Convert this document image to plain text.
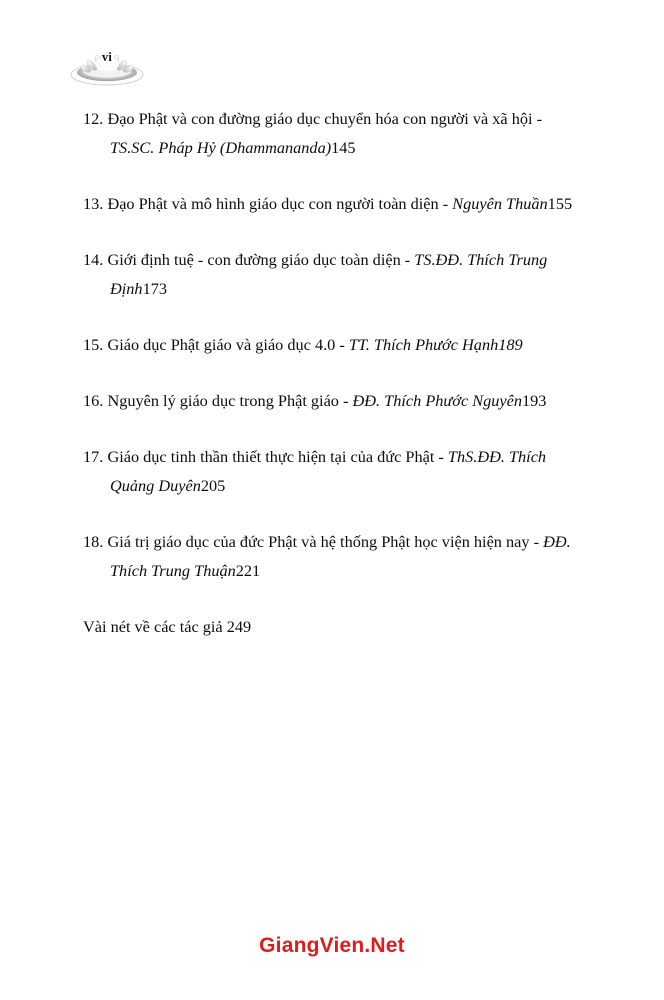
vi
12. Đạo Phật và con đường giáo dục chuyển hóa con người và xã hội - TS.SC. Pháp Hỷ (Dhammananda)145
13. Đạo Phật và mô hình giáo dục con người toàn diện - Nguyên Thuần155
14. Giới định tuệ - con đường giáo dục toàn diện - TS.ĐĐ. Thích Trung Định173
15. Giáo dục Phật giáo và giáo dục 4.0 - TT. Thích Phước Hạnh189
16. Nguyên lý giáo dục trong Phật giáo - ĐĐ. Thích Phước Nguyên193
17. Giáo dục tinh thần thiết thực hiện tại của đức Phật - ThS.ĐĐ. Thích Quảng Duyên205
18. Giá trị giáo dục của đức Phật và hệ thống Phật học viện hiện nay - ĐĐ. Thích Trung Thuận221
Vài nét về các tác giả 249
GiangVien.Net
